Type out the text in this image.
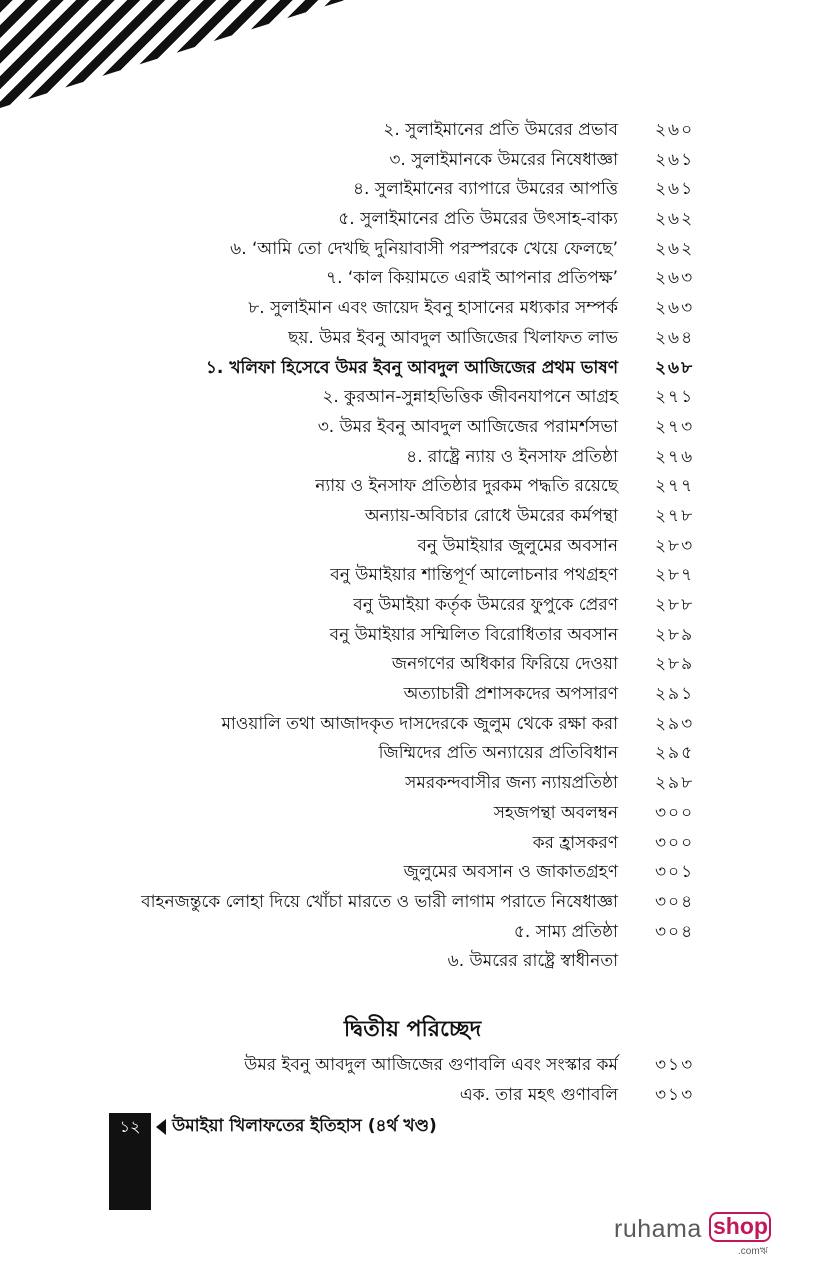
২. সুলাইমানের প্রতি উমরের প্রভাব ২৬০
৩. সুলাইমানকে উমরের নিষেধাজ্ঞা ২৬১
৪. সুলাইমানের ব্যাপারে উমরের আপত্তি ২৬১
৫. সুলাইমানের প্রতি উমরের উৎসাহ-বাক্য ২৬২
৬. ‘আমি তো দেখছি দুনিয়াবাসী পরস্পরকে খেয়ে ফেলছে’ ২৬২
৭. ‘কাল কিয়ামতে এরাই আপনার প্রতিপক্ষ’ ২৬৩
৮. সুলাইমান এবং জায়েদ ইবনু হাসানের মধ্যকার সম্পর্ক ২৬৩
ছয়. উমর ইবনু আবদুল আজিজের খিলাফত লাভ ২৬৪
১. খলিফা হিসেবে উমর ইবনু আবদুল আজিজের প্রথম ভাষণ ২৬৮
২. কুরআন-সুন্নাহভিত্তিক জীবনযাপনে আগ্রহ ২৭১
৩. উমর ইবনু আবদুল আজিজের পরামর্শসভা ২৭৩
৪. রাষ্ট্রে ন্যায় ও ইনসাফ প্রতিষ্ঠা ২৭৬
ন্যায় ও ইনসাফ প্রতিষ্ঠার দুরকম পদ্ধতি রয়েছে ২৭৭
অন্যায়-অবিচার রোধে উমরের কর্মপন্থা ২৭৮
বনু উমাইয়ার জুলুমের অবসান ২৮৩
বনু উমাইয়ার শান্তিপূর্ণ আলোচনার পথগ্রহণ ২৮৭
বনু উমাইয়া কর্তৃক উমরের ফুপুকে প্রেরণ ২৮৮
বনু উমাইয়ার সম্মিলিত বিরোধিতার অবসান ২৮৯
জনগণের অধিকার ফিরিয়ে দেওয়া ২৮৯
অত্যাচারী প্রশাসকদের অপসারণ ২৯১
মাওয়ালি তথা আজাদকৃত দাসদেরকে জুলুম থেকে রক্ষা করা ২৯৩
জিম্মিদের প্রতি অন্যায়ের প্রতিবিধান ২৯৫
সমরকন্দবাসীর জন্য ন্যায়প্রতিষ্ঠা ২৯৮
সহজপন্থা অবলম্বন ৩০০
কর হ্রাসকরণ ৩০০
জুলুমের অবসান ও জাকাতগ্রহণ ৩০১
বাহনজন্তুকে লোহা দিয়ে খোঁচা মারতে ও ভারী লাগাম পরাতে নিষেধাজ্ঞা ৩০৪
৫. সাম্য প্রতিষ্ঠা ৩০৪
৬. উমরের রাষ্ট্রে স্বাধীনতা
দ্বিতীয় পরিচ্ছেদ
উমর ইবনু আবদুল আজিজের গুণাবলি এবং সংস্কার কর্ম ৩১৩
এক. তার মহৎ গুণাবলি ৩১৩
১২	উমাইয়া খিলাফতের ইতিহাস (৪র্থ খণ্ড)
ruhama shop
.comঋ
